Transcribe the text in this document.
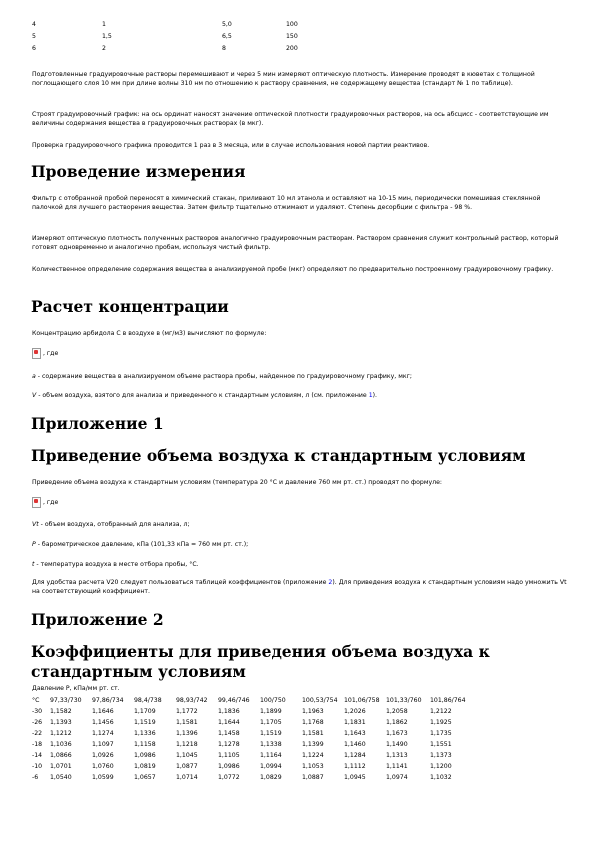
4	1	5,0	100
5	1,5	6,5	150
6	2	8	200

Подготовленные градуировочные растворы перемешивают и через 5 мин измеряют оптическую плотность. Измерение проводят в кюветах с толщиной поглощающего слоя 10 мм при длине волны 310 нм по отношению к раствору сравнения, не содержащему вещества (стандарт № 1 по таблице).

Строят градуировочный график: на ось ординат наносят значение оптической плотности градуировочных растворов, на ось абсцисс - соответствующие им величины содержания вещества в градуировочных растворах (в мкг).

Проверка градуировочного графика проводится 1 раз в 3 месяца, или в случае использования новой партии реактивов.

Проведение измерения

Фильтр с отобранной пробой переносят в химический стакан, приливают 10 мл этанола и оставляют на 10-15 мин, периодически помешивая стеклянной палочкой для лучшего растворения вещества. Затем фильтр тщательно отжимают и удаляют. Степень десорбции с фильтра - 98 %.

Измеряют оптическую плотность полученных растворов аналогично градуировочным растворам. Раствором сравнения служит контрольный раствор, который готовят одновременно и аналогично пробам, используя чистый фильтр.

Количественное определение содержания вещества в анализируемой пробе (мкг) определяют по предварительно построенному градуировочному графику.

Расчет концентрации

Концентрацию арбидола С в воздухе в (мг/м3) вычисляют по формуле:

, где

a - содержание вещества в анализируемом объеме раствора пробы, найденное по градуировочному графику, мкг;

V - объем воздуха, взятого для анализа и приведенного к стандартным условиям, л (см. приложение 1).

Приложение 1
Приведение объема воздуха к стандартным условиям

Приведение объема воздуха к стандартным условиям (температура 20 °С и давление 760 мм рт. ст.) проводят по формуле:

, где

Vt - объем воздуха, отобранный для анализа, л;

P - барометрическое давление, кПа (101,33 кПа = 760 мм рт. ст.);

t - температура воздуха в месте отбора пробы, °С.

Для удобства расчета V20 следует пользоваться таблицей коэффициентов (приложение 2). Для приведения воздуха к стандартным условиям надо умножить Vt на соответствующий коэффициент.

Приложение 2
Коэффициенты для приведения объема воздуха к стандартным условиям
Давление P, кПа/мм рт. ст.
°С	97,33/730	97,86/734	98,4/738	98,93/742	99,46/746	100/750	100,53/754	101,06/758	101,33/760	101,86/764
-30	1,1582	1,1646	1,1709	1,1772	1,1836	1,1899	1,1963	1,2026	1,2058	1,2122
-26	1,1393	1,1456	1,1519	1,1581	1,1644	1,1705	1,1768	1,1831	1,1862	1,1925
-22	1,1212	1,1274	1,1336	1,1396	1,1458	1,1519	1,1581	1,1643	1,1673	1,1735
-18	1,1036	1,1097	1,1158	1,1218	1,1278	1,1338	1,1399	1,1460	1,1490	1,1551
-14	1,0866	1,0926	1,0986	1,1045	1,1105	1,1164	1,1224	1,1284	1,1313	1,1373
-10	1,0701	1,0760	1,0819	1,0877	1,0986	1,0994	1,1053	1,1112	1,1141	1,1200
-6	1,0540	1,0599	1,0657	1,0714	1,0772	1,0829	1,0887	1,0945	1,0974	1,1032
